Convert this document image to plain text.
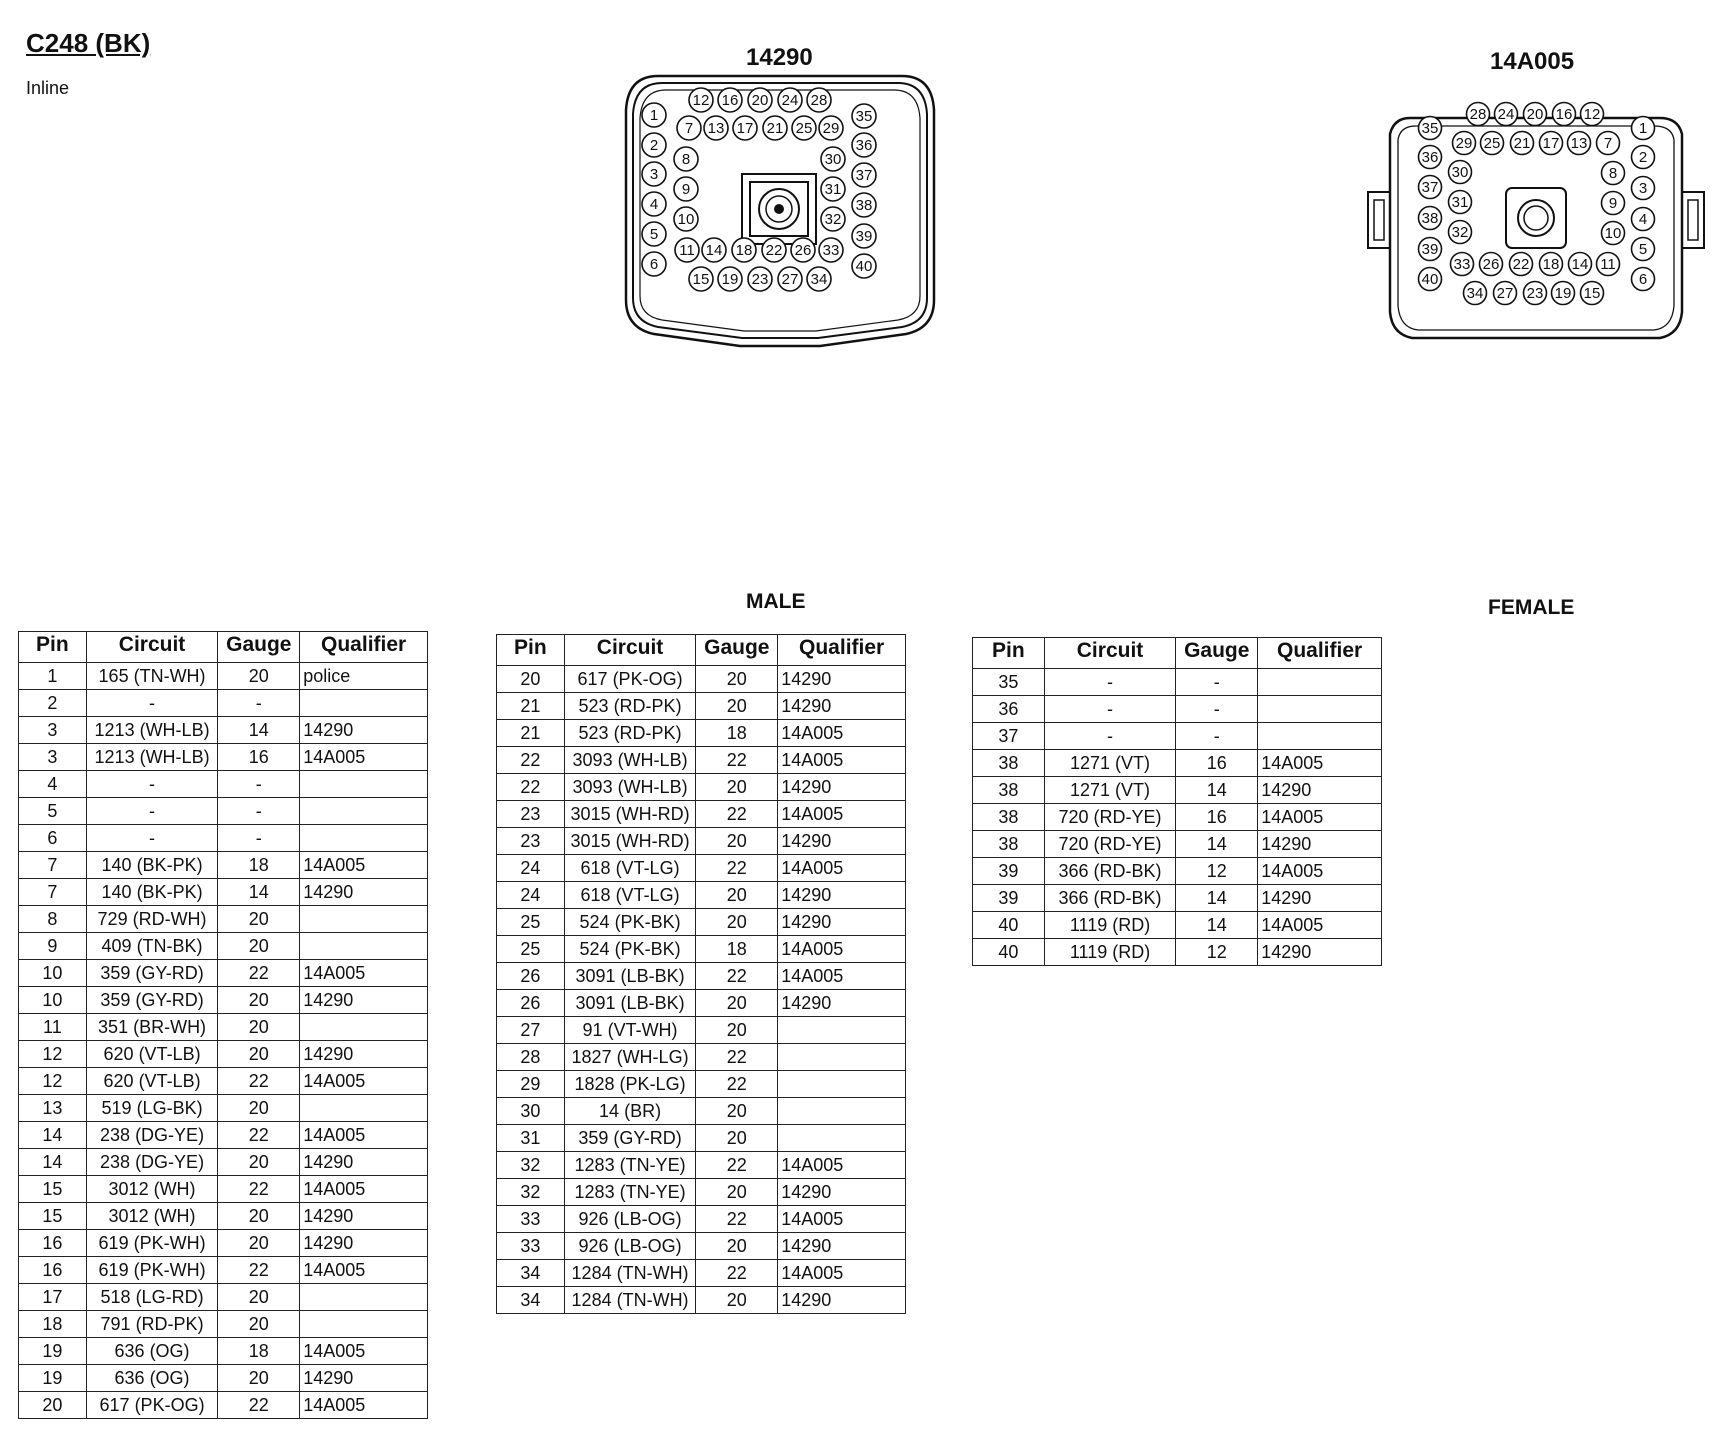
C248 (BK)
Inline
14290	14A005
1
2
3
4
5
6
7
8
9
10
11
12
13
14
15
16
17
18
19
20
21
22
23
24
25
26
27
28
29
30
31
32
33
34
35
36
37
38
39
40
1
2
3
4
5
6
7
8
9
10
11
12
13
14
15
16
17
18
19
20
21
22
23
24
25
26
27
28
29
30
31
32
33
34
35
36
37
38
39
40
MALE	FEMALE
Pin	Circuit	Gauge	Qualifier
1	165 (TN-WH)	20	police
2	-	-	
3	1213 (WH-LB)	14	14290
3	1213 (WH-LB)	16	14A005
4	-	-	
5	-	-	
6	-	-	
7	140 (BK-PK)	18	14A005
7	140 (BK-PK)	14	14290
8	729 (RD-WH)	20	
9	409 (TN-BK)	20	
10	359 (GY-RD)	22	14A005
10	359 (GY-RD)	20	14290
11	351 (BR-WH)	20	
12	620 (VT-LB)	20	14290
12	620 (VT-LB)	22	14A005
13	519 (LG-BK)	20	
14	238 (DG-YE)	22	14A005
14	238 (DG-YE)	20	14290
15	3012 (WH)	22	14A005
15	3012 (WH)	20	14290
16	619 (PK-WH)	20	14290
16	619 (PK-WH)	22	14A005
17	518 (LG-RD)	20	
18	791 (RD-PK)	20	
19	636 (OG)	18	14A005
19	636 (OG)	20	14290
20	617 (PK-OG)	22	14A005
Pin	Circuit	Gauge	Qualifier
20	617 (PK-OG)	20	14290
21	523 (RD-PK)	20	14290
21	523 (RD-PK)	18	14A005
22	3093 (WH-LB)	22	14A005
22	3093 (WH-LB)	20	14290
23	3015 (WH-RD)	22	14A005
23	3015 (WH-RD)	20	14290
24	618 (VT-LG)	22	14A005
24	618 (VT-LG)	20	14290
25	524 (PK-BK)	20	14290
25	524 (PK-BK)	18	14A005
26	3091 (LB-BK)	22	14A005
26	3091 (LB-BK)	20	14290
27	91 (VT-WH)	20	
28	1827 (WH-LG)	22	
29	1828 (PK-LG)	22	
30	14 (BR)	20	
31	359 (GY-RD)	20	
32	1283 (TN-YE)	22	14A005
32	1283 (TN-YE)	20	14290
33	926 (LB-OG)	22	14A005
33	926 (LB-OG)	20	14290
34	1284 (TN-WH)	22	14A005
34	1284 (TN-WH)	20	14290
Pin	Circuit	Gauge	Qualifier
35	-	-	
36	-	-	
37	-	-	
38	1271 (VT)	16	14A005
38	1271 (VT)	14	14290
38	720 (RD-YE)	16	14A005
38	720 (RD-YE)	14	14290
39	366 (RD-BK)	12	14A005
39	366 (RD-BK)	14	14290
40	1119 (RD)	14	14A005
40	1119 (RD)	12	14290
